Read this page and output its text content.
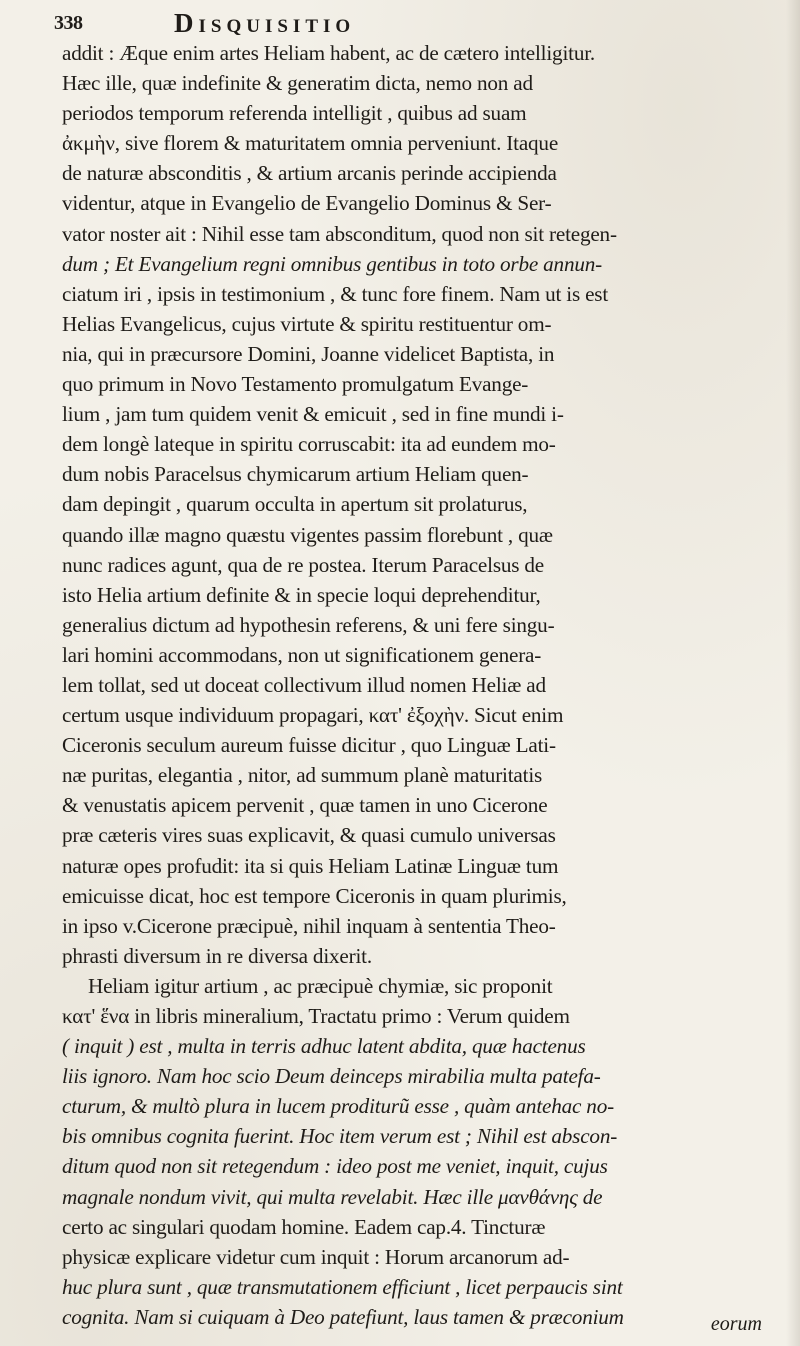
338	Disquisitio
addit : Æque enim artes Heliam habent, ac de cætero intelligitur.
Hæc ille, quæ indefinite & generatim dicta, nemo non ad
periodos temporum referenda intelligit , quibus ad suam
ἀκμὴν, sive florem & maturitatem omnia perveniunt. Itaque
de naturæ absconditis , & artium arcanis perinde accipienda
videntur, atque in Evangelio de Evangelio Dominus & Ser-
vator noster ait : Nihil esse tam absconditum, quod non sit retegen-
dum ; Et Evangelium regni omnibus gentibus in toto orbe annun-
ciatum iri , ipsis in testimonium , & tunc fore finem. Nam ut is est
Helias Evangelicus, cujus virtute & spiritu restituentur om-
nia, qui in præcursore Domini, Joanne videlicet Baptista, in
quo primum in Novo Testamento promulgatum Evange-
lium , jam tum quidem venit & emicuit , sed in fine mundi i-
dem longè lateque in spiritu corruscabit: ita ad eundem mo-
dum nobis Paracelsus chymicarum artium Heliam quen-
dam depingit , quarum occulta in apertum sit prolaturus,
quando illæ magno quæstu vigentes passim florebunt , quæ
nunc radices agunt, qua de re postea. Iterum Paracelsus de
isto Helia artium definite & in specie loqui deprehenditur,
generalius dictum ad hypothesin referens, & uni fere singu-
lari homini accommodans, non ut significationem genera-
lem tollat, sed ut doceat collectivum illud nomen Heliæ ad
certum usque individuum propagari, κατ' ἐξοχὴν. Sicut enim
Ciceronis seculum aureum fuisse dicitur , quo Linguæ Lati-
næ puritas, elegantia , nitor, ad summum planè maturitatis
& venustatis apicem pervenit , quæ tamen in uno Cicerone
præ cæteris vires suas explicavit, & quasi cumulo universas
naturæ opes profudit: ita si quis Heliam Latinæ Linguæ tum
emicuisse dicat, hoc est tempore Ciceronis in quam plurimis,
in ipso v.Cicerone præcipuè, nihil inquam à sententia Theo-
phrasti diversum in re diversa dixerit.
Heliam igitur artium , ac præcipuè chymiæ, sic proponit
κατ' ἕνα in libris mineralium, Tractatu primo : Verum quidem
( inquit ) est , multa in terris adhuc latent abdita, quæ hactenus
liis ignoro. Nam hoc scio Deum deinceps mirabilia multa patefa-
cturum, & multò plura in lucem proditurũ esse , quàm antehac no-
bis omnibus cognita fuerint. Hoc item verum est ; Nihil est abscon-
ditum quod non sit retegendum : ideo post me veniet, inquit, cujus
magnale nondum vivit, qui multa revelabit. Hæc ille μανθάνης de
certo ac singulari quodam homine. Eadem cap.4. Tincturæ
physicæ explicare videtur cum inquit : Horum arcanorum ad-
huc plura sunt , quæ transmutationem efficiunt , licet perpaucis sint
cognita. Nam si cuiquam à Deo patefiunt, laus tamen & præconium	eorum
